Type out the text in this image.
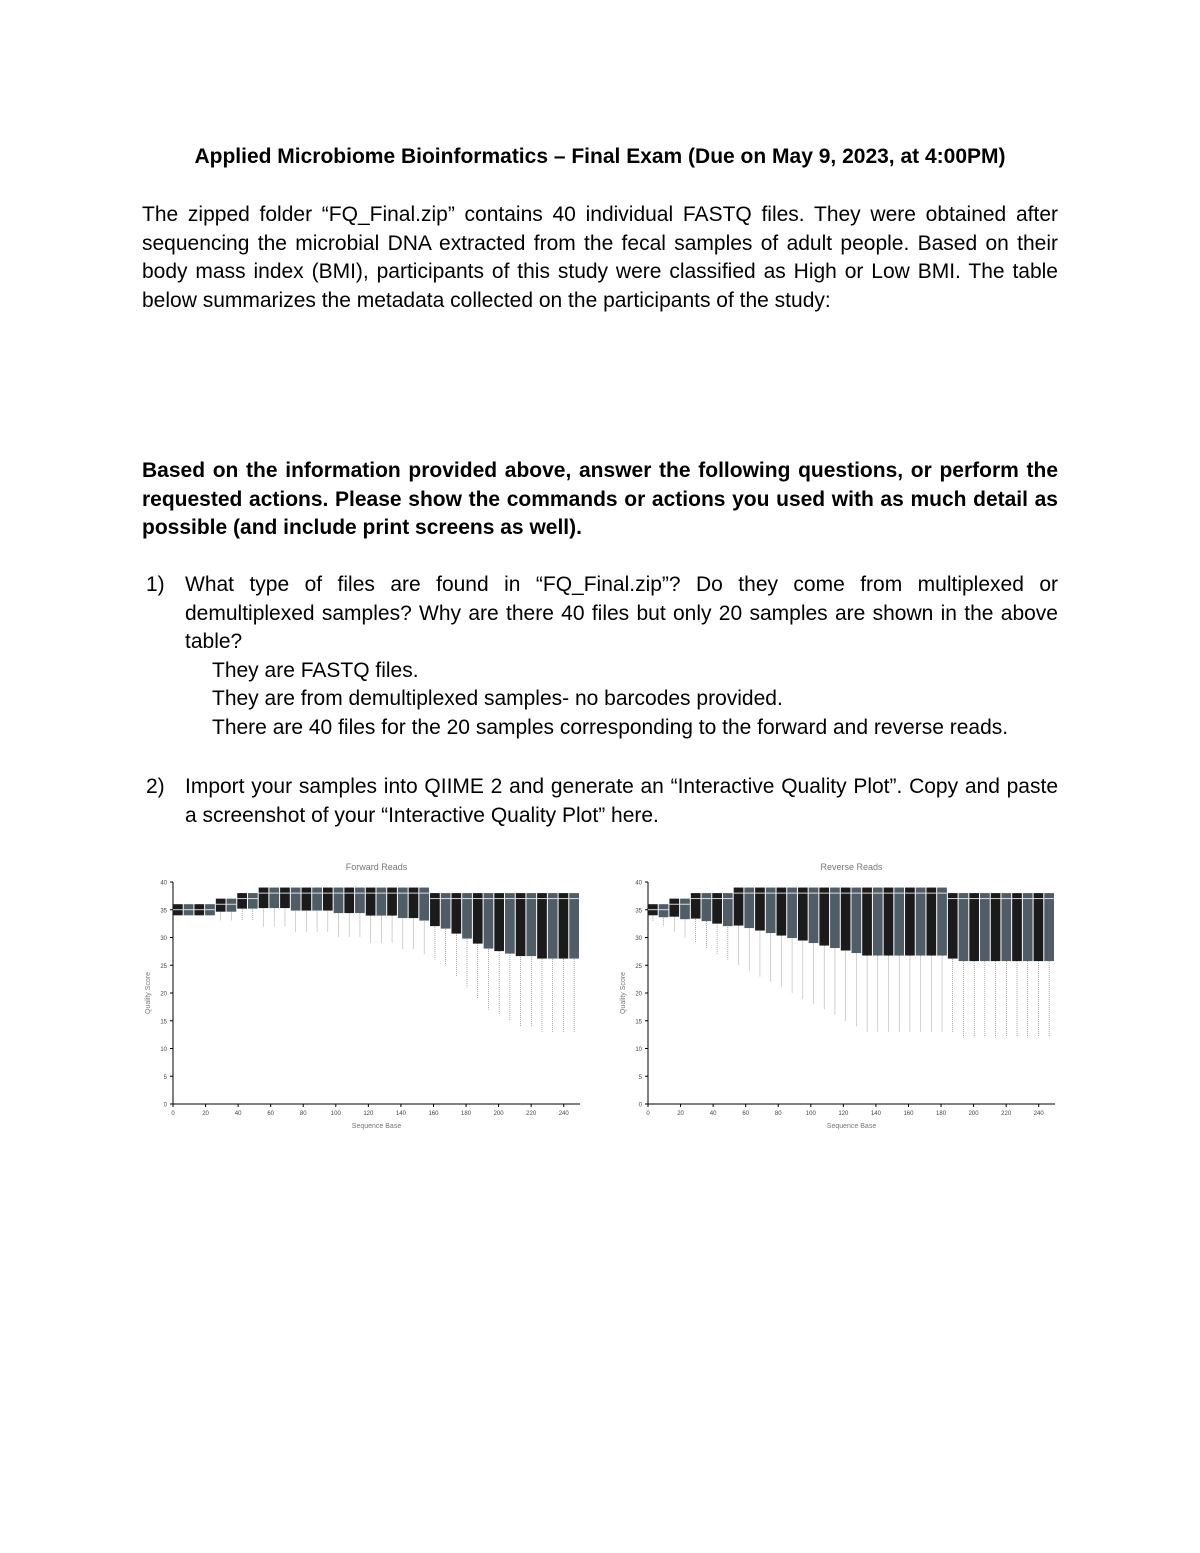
Applied Microbiome Bioinformatics – Final Exam (Due on May 9, 2023, at 4:00PM)

The zipped folder “FQ_Final.zip” contains 40 individual FASTQ files. They were obtained after sequencing the microbial DNA extracted from the fecal samples of adult people. Based on their body mass index (BMI), participants of this study were classified as High or Low BMI. The table below summarizes the metadata collected on the participants of the study:

Based on the information provided above, answer the following questions, or perform the requested actions. Please show the commands or actions you used with as much detail as possible (and include print screens as well).

1) What type of files are found in “FQ_Final.zip”? Do they come from multiplexed or demultiplexed samples? Why are there 40 files but only 20 samples are shown in the above table?
They are FASTQ files.
They are from demultiplexed samples- no barcodes provided.
There are 40 files for the 20 samples corresponding to the forward and reverse reads.
2) Import your samples into QIIME 2 and generate an “Interactive Quality Plot”. Copy and paste a screenshot of your “Interactive Quality Plot” here.
Forward Reads
0
5
10
15
20
25
30
35
40
0	20	40	60	80	100	120	140	160	180	200	220	240
Sequence Base
Quality Score
Reverse Reads
0
5
10
15
20
25
30
35
40
0	20	40	60	80	100	120	140	160	180	200	220	240
Sequence Base
Quality Score
